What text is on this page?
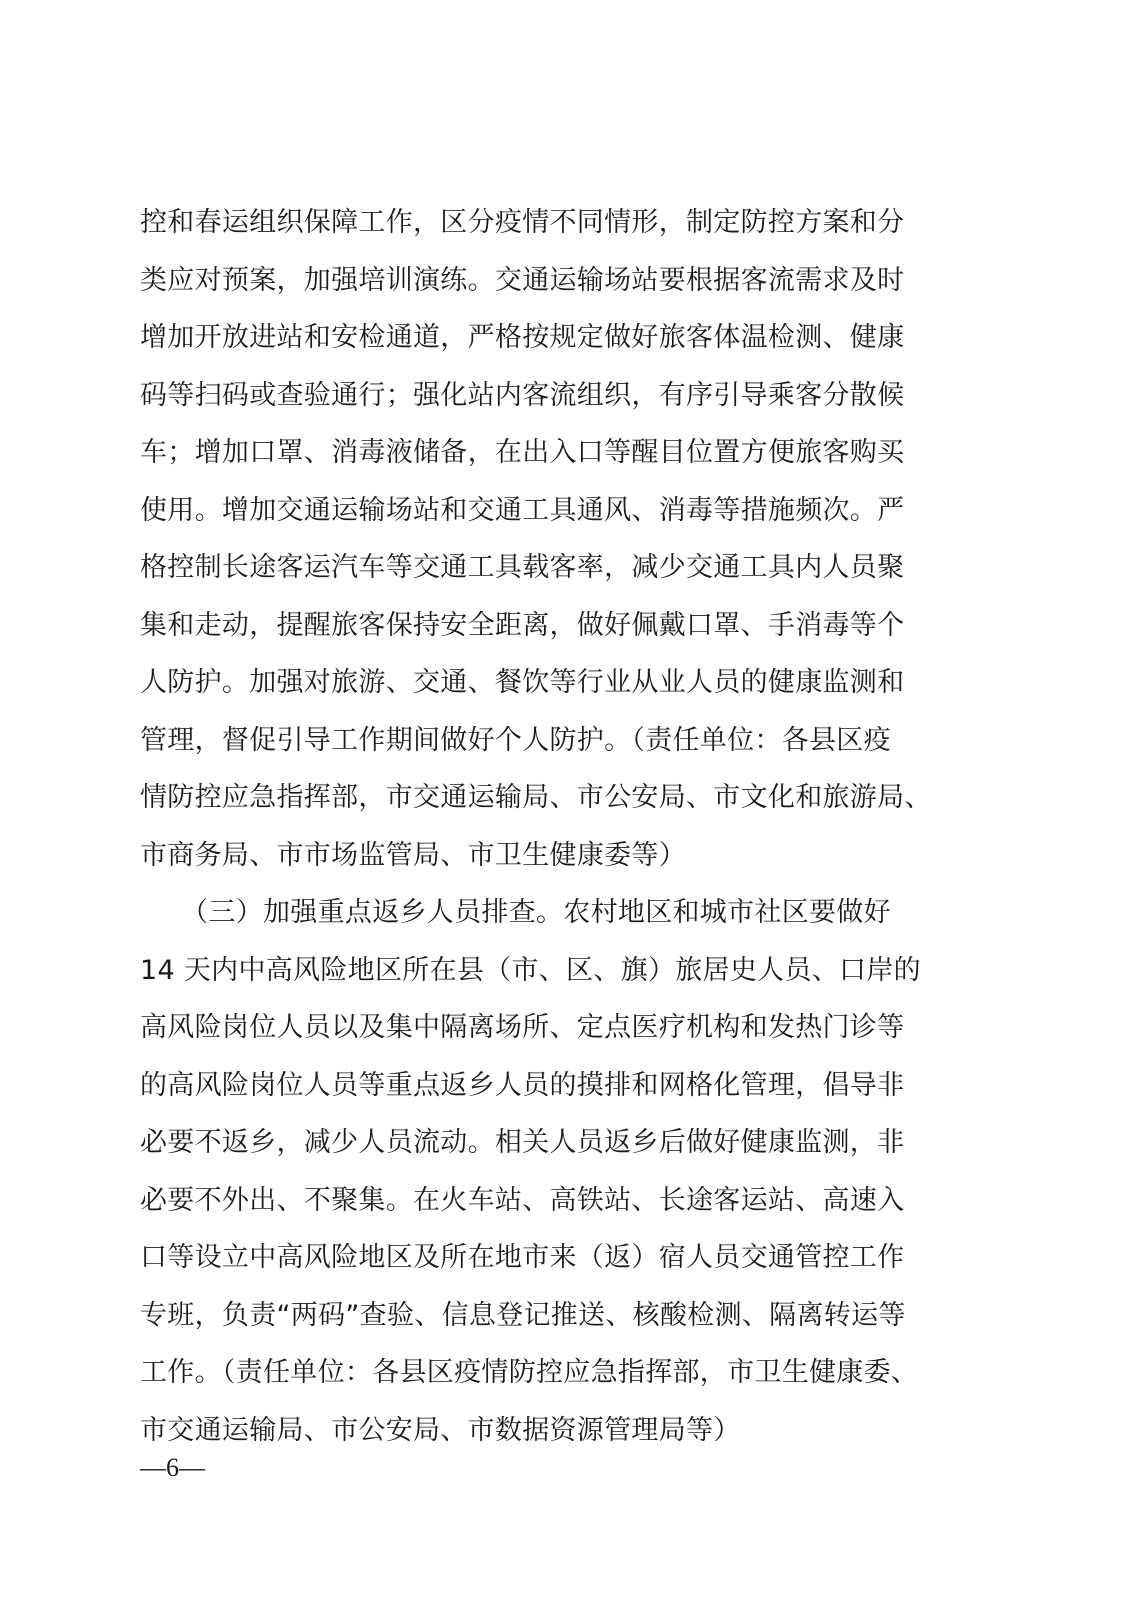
控和春运组织保障工作，区分疫情不同情形，制定防控方案和分
类应对预案，加强培训演练。交通运输场站要根据客流需求及时
增加开放进站和安检通道，严格按规定做好旅客体温检测、健康
码等扫码或查验通行；强化站内客流组织，有序引导乘客分散候
车；增加口罩、消毒液储备，在出入口等醒目位置方便旅客购买
使用。增加交通运输场站和交通工具通风、消毒等措施频次。严
格控制长途客运汽车等交通工具载客率，减少交通工具内人员聚
集和走动，提醒旅客保持安全距离，做好佩戴口罩、手消毒等个
人防护。加强对旅游、交通、餐饮等行业从业人员的健康监测和
管理，督促引导工作期间做好个人防护。（责任单位：各县区疫
情防控应急指挥部，市交通运输局、市公安局、市文化和旅游局、
市商务局、市市场监管局、市卫生健康委等）
　　（三）加强重点返乡人员排查。农村地区和城市社区要做好
14 天内中高风险地区所在县（市、区、旗）旅居史人员、口岸的
高风险岗位人员以及集中隔离场所、定点医疗机构和发热门诊等
的高风险岗位人员等重点返乡人员的摸排和网格化管理，倡导非
必要不返乡，减少人员流动。相关人员返乡后做好健康监测，非
必要不外出、不聚集。在火车站、高铁站、长途客运站、高速入
口等设立中高风险地区及所在地市来（返）宿人员交通管控工作
专班，负责“两码”查验、信息登记推送、核酸检测、隔离转运等
工作。（责任单位：各县区疫情防控应急指挥部，市卫生健康委、
市交通运输局、市公安局、市数据资源管理局等）
—6—
